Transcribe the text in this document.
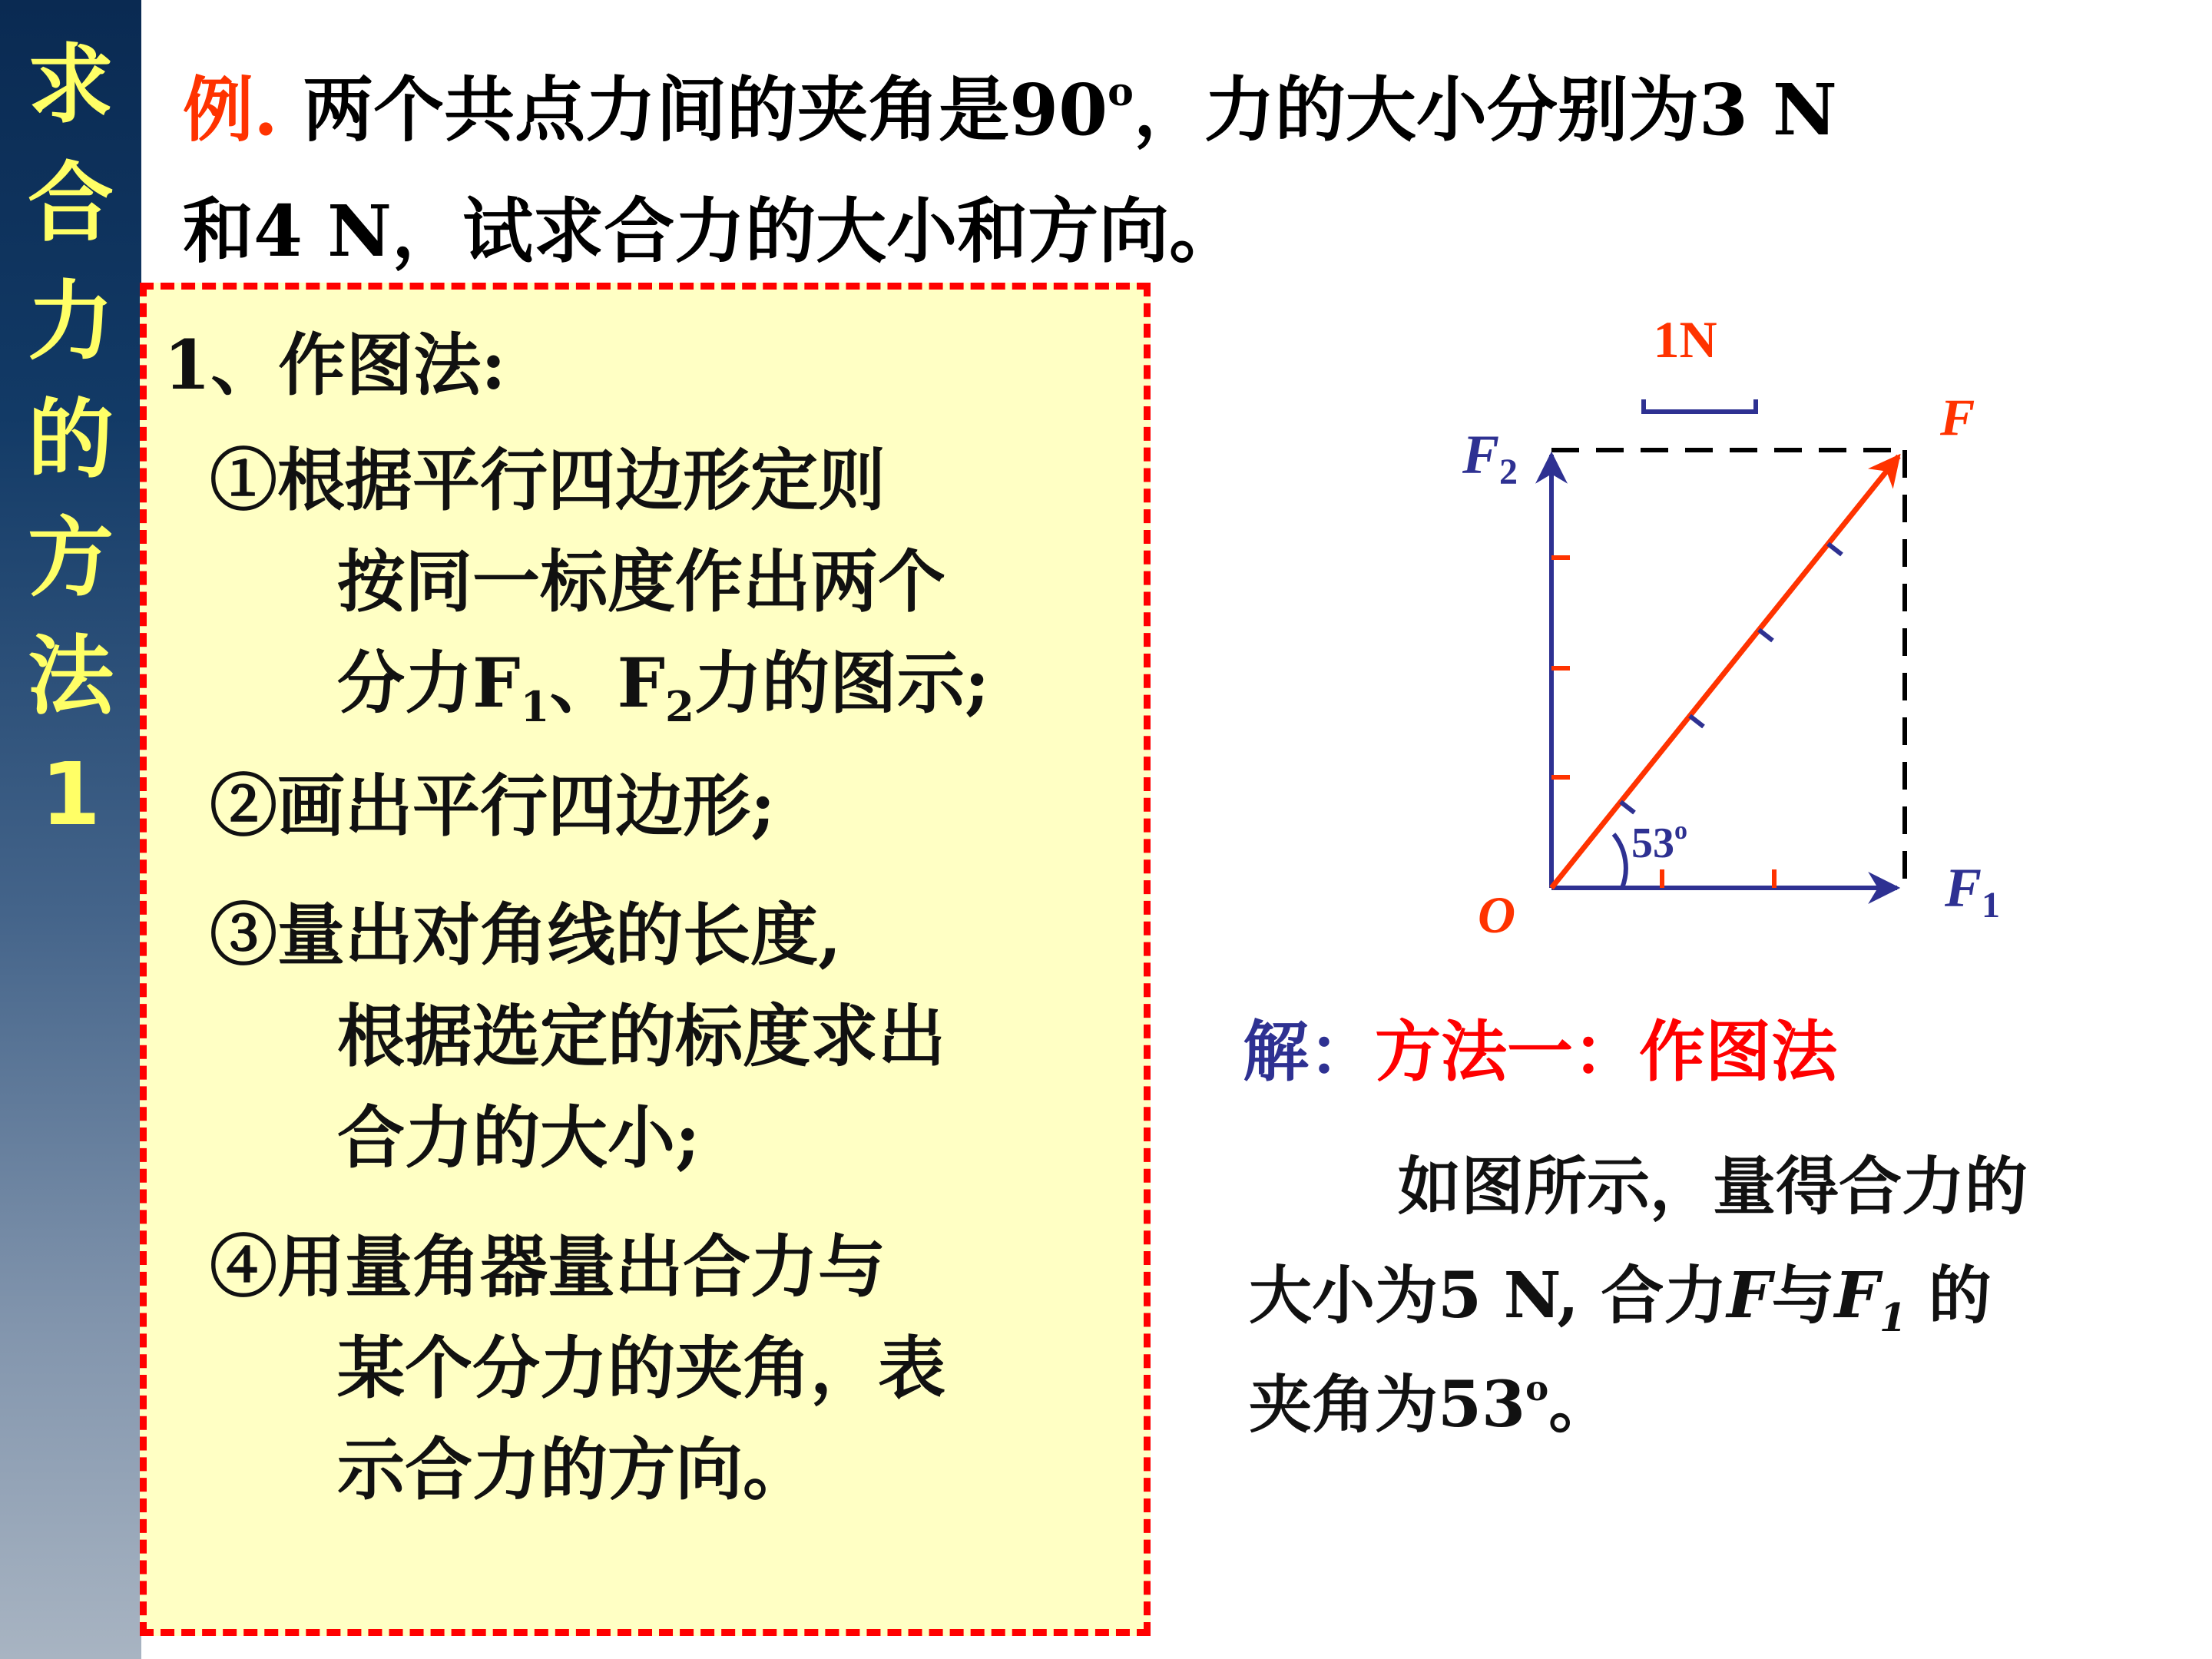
求
合
力
的
方
法
1
例. 两个共点力间的夹角是90$^o$，力的大小分别为3 N
和4 N，试求合力的大小和方向。
1、作图法:
①根据平行四边形定则
按同一标度作出两个
分力$F_1$、$F_2$力的图示;
②画出平行四边形;
③量出对角线的长度,
根据选定的标度求出
合力的大小;
④用量角器量出合力与
某个分力的夹角，表
示合力的方向。
1N
53$^o$
F
F2
F1
O
解：方法一：作图法
如图所示，量得合力的
大小为5 N, 合力F与$F_1$ 的
夹角为53$^o$。
